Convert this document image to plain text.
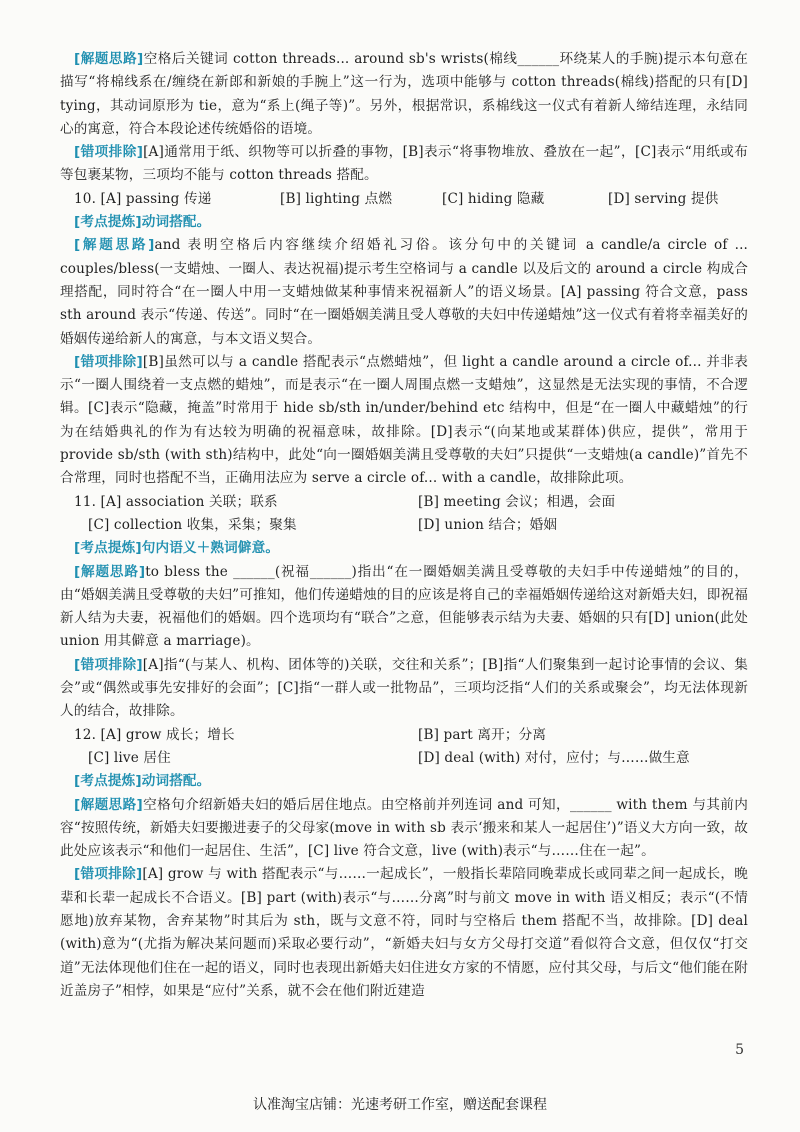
[解题思路]空格后关键词 cotton threads... around sb's wrists(棉线______环绕某人的手腕)提示本句意在描写“将棉线系在/缠绕在新郎和新娘的手腕上”这一行为，选项中能够与 cotton threads(棉线)搭配的只有[D] tying，其动词原形为 tie，意为“系上(绳子等)”。另外，根据常识，系棉线这一仪式有着新人缔结连理，永结同心的寓意，符合本段论述传统婚俗的语境。

[错项排除][A]通常用于纸、织物等可以折叠的事物，[B]表示“将事物堆放、叠放在一起”，[C]表示“用纸或布等包裹某物，三项均不能与 cotton threads 搭配。

10. [A] passing 传递	[B] lighting 点燃	[C] hiding 隐藏	[D] serving 提供

[考点提炼]动词搭配。

[解题思路]and 表明空格后内容继续介绍婚礼习俗。该分句中的关键词 a candle/a circle of ... couples/bless(一支蜡烛、一圈人、表达祝福)提示考生空格词与 a candle 以及后文的 around a circle 构成合理搭配，同时符合“在一圈人中用一支蜡烛做某种事情来祝福新人”的语义场景。[A] passing 符合文意，pass sth around 表示“传递、传送”。同时“在一圈婚姻美满且受人尊敬的夫妇中传递蜡烛”这一仪式有着将幸福美好的婚姻传递给新人的寓意，与本文语义契合。

[错项排除][B]虽然可以与 a candle 搭配表示“点燃蜡烛”，但 light a candle around a circle of... 并非表示“一圈人围绕着一支点燃的蜡烛”，而是表示“在一圈人周围点燃一支蜡烛”，这显然是无法实现的事情，不合逻辑。[C]表示“隐藏，掩盖”时常用于 hide sb/sth in/under/behind etc 结构中，但是“在一圈人中藏蜡烛”的行为在结婚典礼的作为有达较为明确的祝福意味，故排除。[D]表示“(向某地或某群体)供应，提供”，常用于 provide sb/sth (with sth)结构中，此处“向一圈婚姻美满且受尊敬的夫妇”只提供“一支蜡烛(a candle)”首先不合常理，同时也搭配不当，正确用法应为 serve a circle of... with a candle，故排除此项。

11. [A] association 关联；联系	[B] meeting 会议；相遇，会面
[C] collection 收集，采集；聚集	[D] union 结合；婚姻

[考点提炼]句内语义＋熟词僻意。

[解题思路]to bless the ______(祝福______)指出“在一圈婚姻美满且受尊敬的夫妇手中传递蜡烛”的目的，由“婚姻美满且受尊敬的夫妇”可推知，他们传递蜡烛的目的应该是将自己的幸福婚姻传递给这对新婚夫妇，即祝福新人结为夫妻，祝福他们的婚姻。四个选项均有“联合”之意，但能够表示结为夫妻、婚姻的只有[D] union(此处 union 用其僻意 a marriage)。

[错项排除][A]指“(与某人、机构、团体等的)关联，交往和关系”；[B]指“人们聚集到一起讨论事情的会议、集会”或“偶然或事先安排好的会面”；[C]指“一群人或一批物品”，三项均泛指“人们的关系或聚会”，均无法体现新人的结合，故排除。

12. [A] grow 成长；增长	[B] part 离开；分离
[C] live 居住	[D] deal (with) 对付，应付；与……做生意

[考点提炼]动词搭配。

[解题思路]空格句介绍新婚夫妇的婚后居住地点。由空格前并列连词 and 可知，______ with them 与其前内容“按照传统，新婚夫妇要搬进妻子的父母家(move in with sb 表示‘搬来和某人一起居住’)”语义大方向一致，故此处应该表示“和他们一起居住、生活”，[C] live 符合文意，live (with)表示“与……住在一起”。

[错项排除][A] grow 与 with 搭配表示“与……一起成长”，一般指长辈陪同晚辈成长或同辈之间一起成长，晚辈和长辈一起成长不合语义。[B] part (with)表示“与……分离”时与前文 move in with 语义相反；表示“(不情愿地)放弃某物，舍弃某物”时其后为 sth，既与文意不符，同时与空格后 them 搭配不当，故排除。[D] deal (with)意为“(尤指为解决某问题而)采取必要行动”，“新婚夫妇与女方父母打交道”看似符合文意，但仅仅“打交道”无法体现他们住在一起的语义，同时也表现出新婚夫妇住进女方家的不情愿，应付其父母，与后文“他们能在附近盖房子”相悖，如果是“应付”关系，就不会在他们附近建造

5
认准淘宝店铺：光速考研工作室，赠送配套课程
